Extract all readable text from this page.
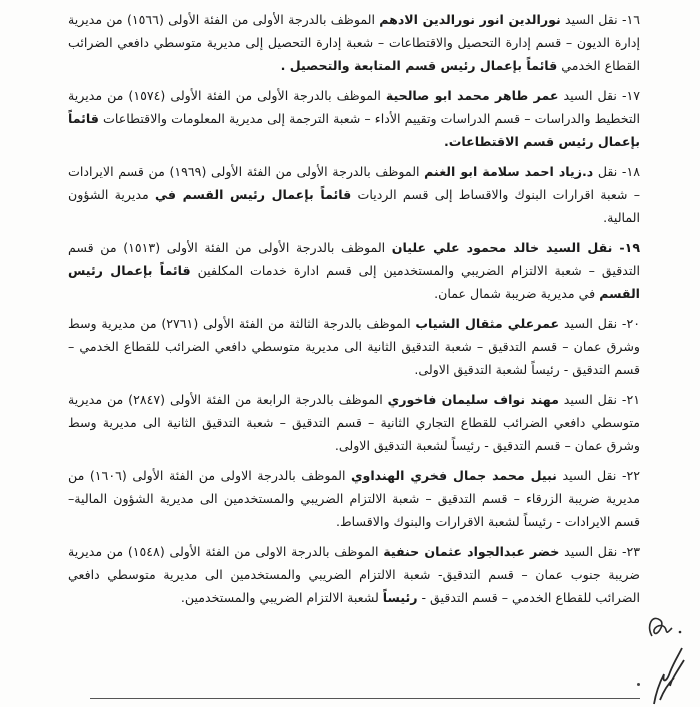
١٦- نقل السيد نورالدين انور نورالدين الادهم الموظف بالدرجة الأولى من الفئة الأولى (١٥٦٦) من مديرية إدارة الديون – قسم إدارة التحصيل والاقتطاعات – شعبة إدارة التحصيل إلى مديرية متوسطي دافعي الضرائب القطاع الخدمي قائماً بإعمال رئيس قسم المتابعة والتحصيل .

١٧- نقل السيد عمر طاهر محمد ابو صالحية الموظف بالدرجة الأولى من الفئة الأولى (١٥٧٤) من مديرية التخطيط والدراسات – قسم الدراسات وتقييم الأداء – شعبة الترجمة إلى مديرية المعلومات والاقتطاعات قائماً بإعمال رئيس قسم الاقتطاعات.

١٨- نقل د.زياد احمد سلامة ابو الغنم الموظف بالدرجة الأولى من الفئة الأولى (١٩٦٩) من قسم الايرادات – شعبة اقرارات البنوك والاقساط إلى قسم الرديات قائماً بإعمال رئيس القسم في مديرية الشؤون المالية.

١٩- نقل السيد خالد محمود علي عليان الموظف بالدرجة الأولى من الفئة الأولى (١٥١٣) من قسم التدقيق – شعبة الالتزام الضريبي والمستخدمين إلى قسم ادارة خدمات المكلفين قائماً بإعمال رئيس القسم في مديرية ضريبة شمال عمان.

٢٠- نقل السيد عمرعلي مثقال الشياب الموظف بالدرجة الثالثة من الفئة الأولى (٢٧٦١) من مديرية وسط وشرق عمان – قسم التدقيق – شعبة التدقيق الثانية الى مديرية متوسطي دافعي الضرائب للقطاع الخدمي – قسم التدقيق - رئيساً لشعبة التدقيق الاولى.

٢١- نقل السيد مهند نواف سليمان فاخوري الموظف بالدرجة الرابعة من الفئة الأولى (٢٨٤٧) من مديرية متوسطي دافعي الضرائب للقطاع التجاري الثانية – قسم التدقيق – شعبة التدقيق الثانية الى مديرية وسط وشرق عمان – قسم التدقيق - رئيساً لشعبة التدقيق الاولى.

٢٢- نقل السيد نبيل محمد جمال فخري الهنداوي الموظف بالدرجة الاولى من الفئة الأولى (١٦٠٦) من مديرية ضريبة الزرقاء – قسم التدقيق – شعبة الالتزام الضريبي والمستخدمين الى مديرية الشؤون المالية– قسم الايرادات - رئيساً لشعبة الاقرارات والبنوك والاقساط.

٢٣- نقل السيد خضر عبدالجواد عثمان حنفية الموظف بالدرجة الاولى من الفئة الأولى (١٥٤٨) من مديرية ضريبة جنوب عمان – قسم التدقيق- شعبة الالتزام الضريبي والمستخدمين الى مديرية متوسطي دافعي الضرائب للقطاع الخدمي – قسم التدقيق - رئيساً لشعبة الالتزام الضريبي والمستخدمين.
